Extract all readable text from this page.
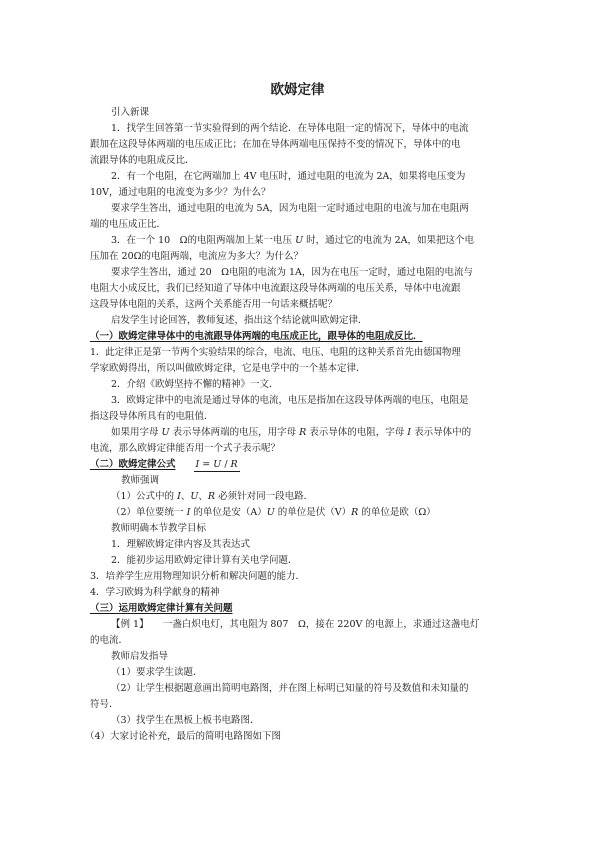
欧姆定律
引入新课
1．找学生回答第一节实验得到的两个结论．在导体电阻一定的情况下，导体中的电流
跟加在这段导体两端的电压成正比；在加在导体两端电压保持不变的情况下，导体中的电
流跟导体的电阻成反比．
2．有一个电阻，在它两端加上 4V 电压时，通过电阻的电流为 2A，如果将电压变为
10V，通过电阻的电流变为多少？为什么？
要求学生答出，通过电阻的电流为 5A，因为电阻一定时通过电阻的电流与加在电阻两
端的电压成正比．
3．在一个 10　Ω的电阻两端加上某一电压 U 时，通过它的电流为 2A，如果把这个电
压加在 20Ω的电阻两端，电流应为多大？为什么？
要求学生答出，通过 20　Ω电阻的电流为 1A，因为在电压一定时，通过电阻的电流与
电阻大小成反比，我们已经知道了导体中电流跟这段导体两端的电压关系，导体中电流跟
这段导体电阻的关系，这两个关系能否用一句话来概括呢？
启发学生讨论回答，教师复述，指出这个结论就叫欧姆定律．
（一）欧姆定律导体中的电流跟导体两端的电压成正比，跟导体的电阻成反比．
1．此定律正是第一节两个实验结果的综合，电流、电压、电阻的这种关系首先由德国物理
学家欧姆得出，所以叫做欧姆定律，它是电学中的一个基本定律．
2．介绍《欧姆坚持不懈的精神》一文．
3．欧姆定律中的电流是通过导体的电流，电压是指加在这段导体两端的电压，电阻是
指这段导体所具有的电阻值．
如果用字母 U 表示导体两端的电压，用字母 R 表示导体的电阻，字母 I 表示导体中的
电流，那么欧姆定律能否用一个式子表示呢？
（二）欧姆定律公式 I = U / R
教师强调
（1）公式中的 I、U、R 必须针对同一段电路．
（2）单位要统一 I 的单位是安（A）U 的单位是伏（V）R 的单位是欧（Ω）
教师明确本节教学目标
1．理解欧姆定律内容及其表达式
2．能初步运用欧姆定律计算有关电学问题．
3．培养学生应用物理知识分析和解决问题的能力．
4．学习欧姆为科学献身的精神
（三）运用欧姆定律计算有关问题
【例 1】　　一盏白炽电灯，其电阻为 807　Ω，接在 220V 的电源上，求通过这盏电灯
的电流．
教师启发指导
（1）要求学生读题．
（2）让学生根据题意画出简明电路图，并在图上标明已知量的符号及数值和未知量的
符号．
（3）找学生在黑板上板书电路图．
（4）大家讨论补充，最后的简明电路图如下图
